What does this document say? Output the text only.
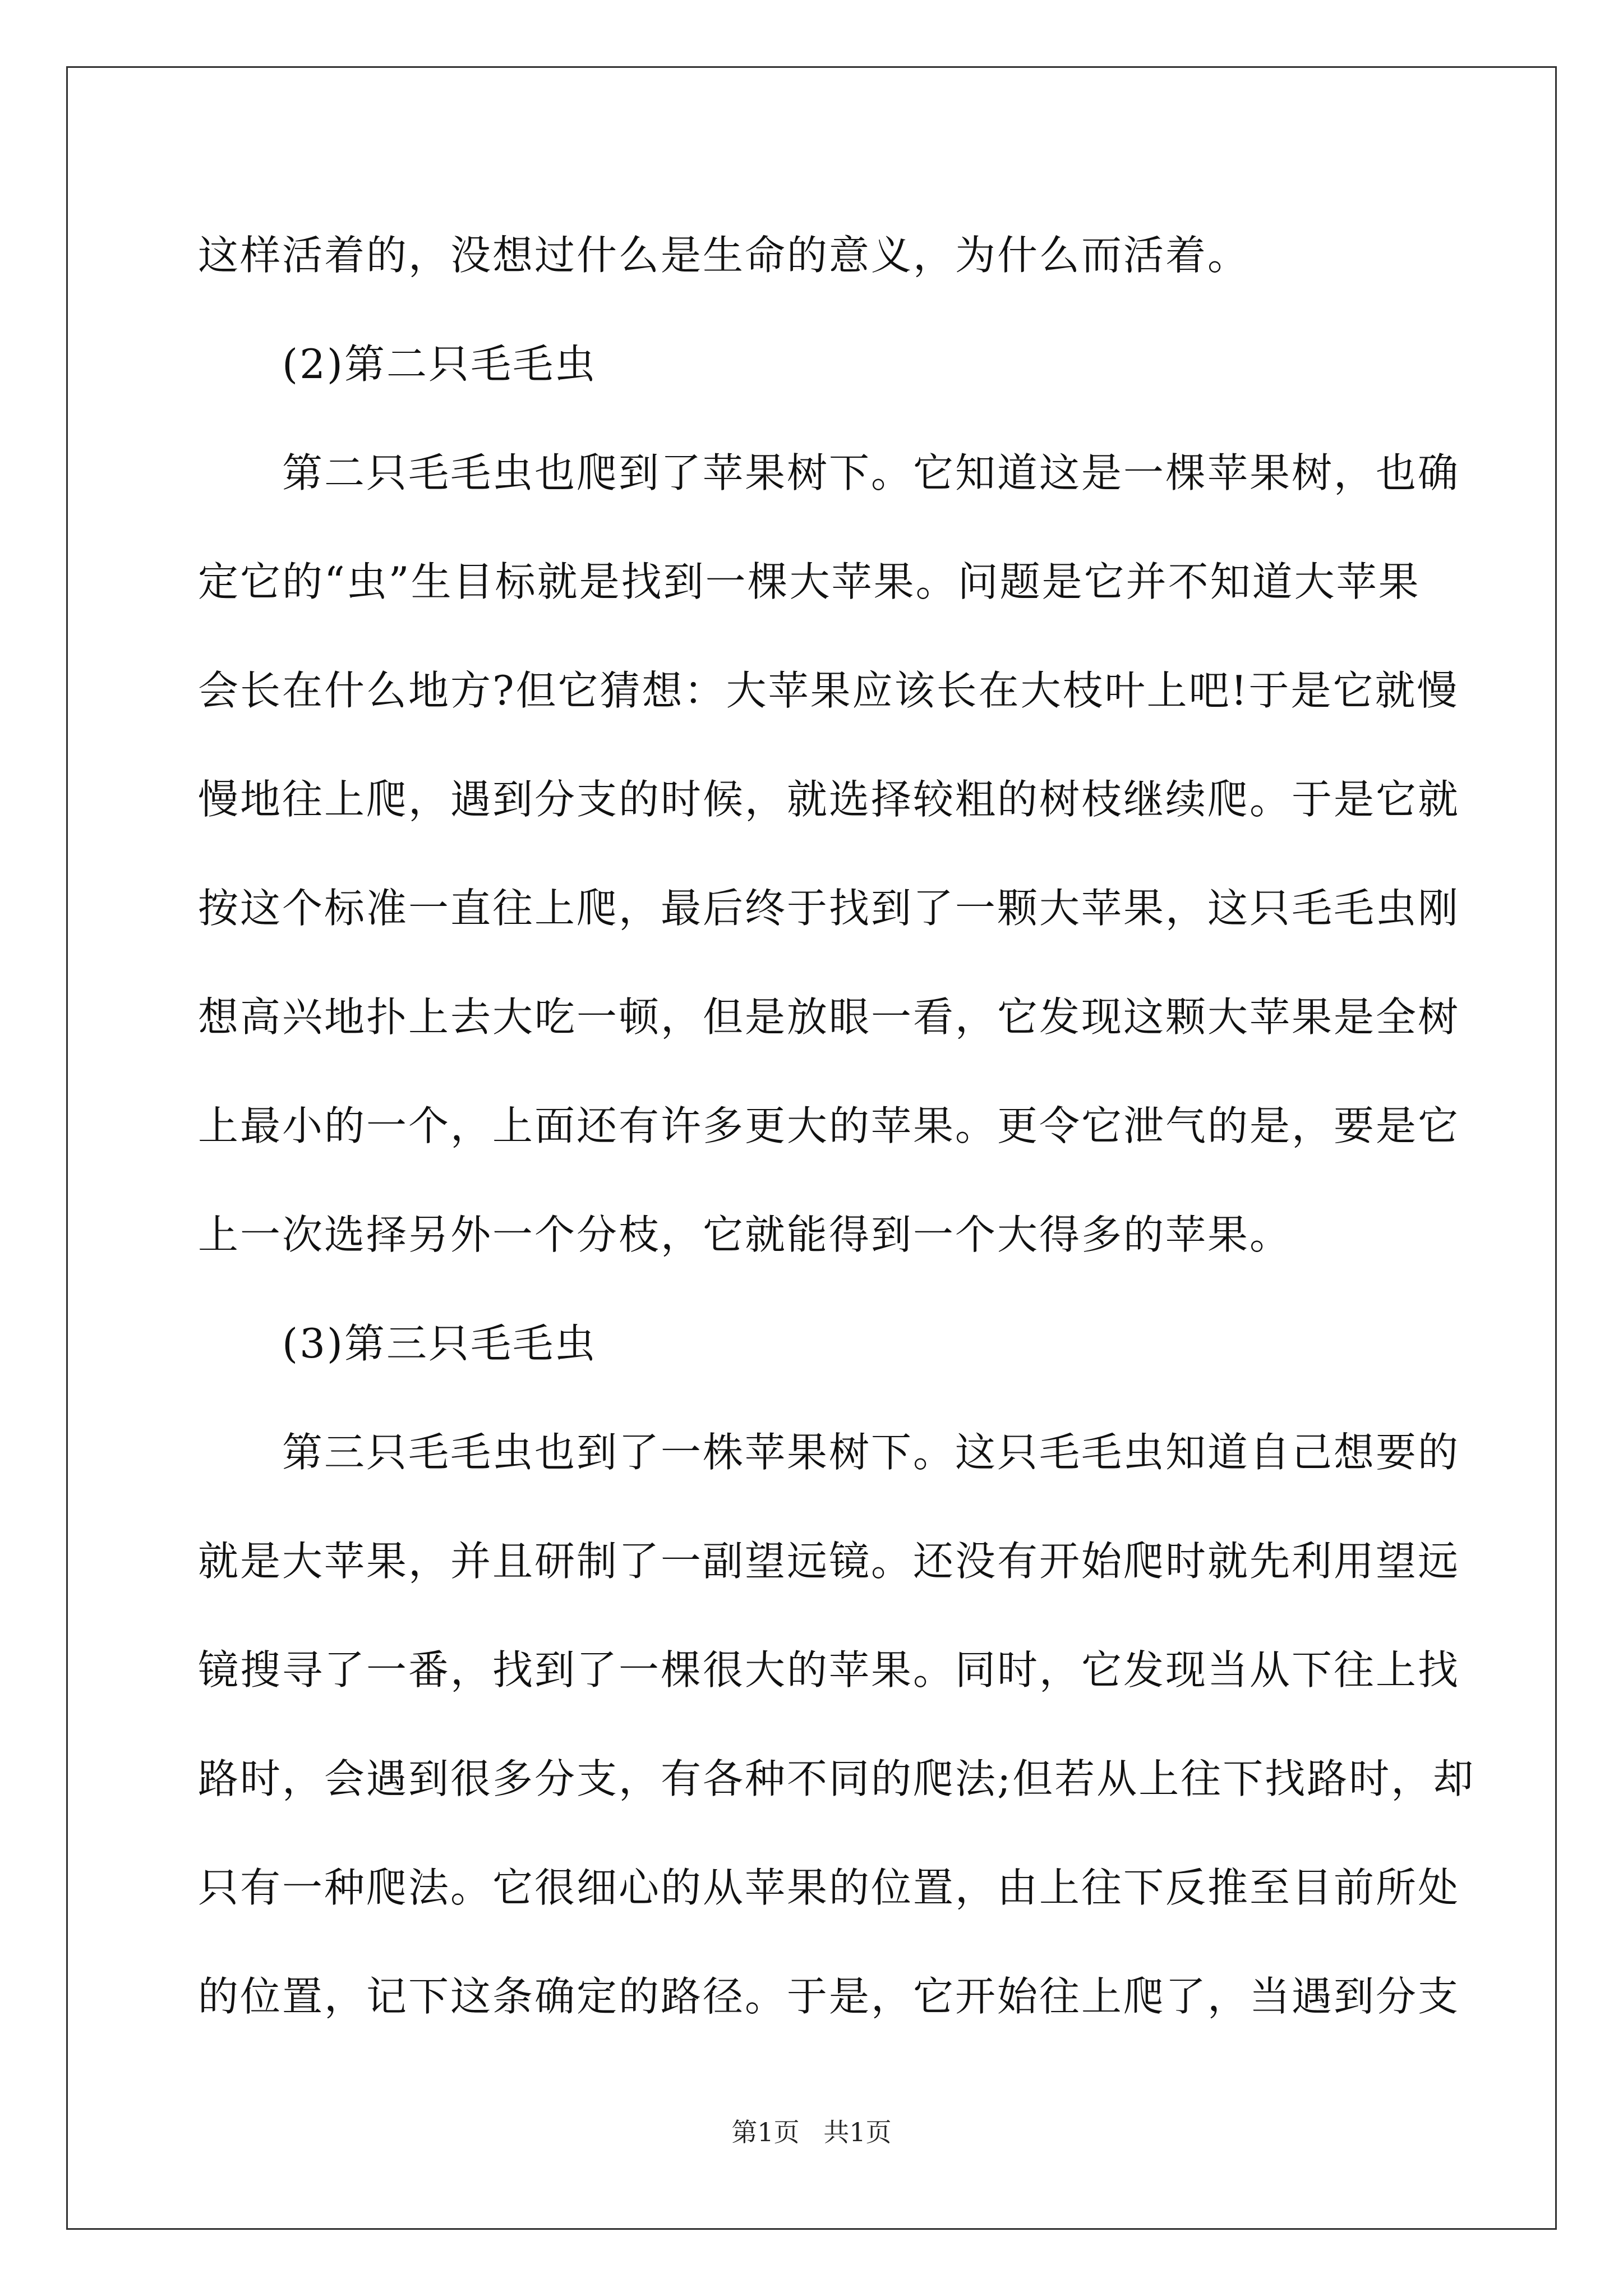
这样活着的，没想过什么是生命的意义，为什么而活着。
(2)第二只毛毛虫
第二只毛毛虫也爬到了苹果树下。它知道这是一棵苹果树，也确
定它的“虫”生目标就是找到一棵大苹果。问题是它并不知道大苹果
会长在什么地方?但它猜想：大苹果应该长在大枝叶上吧!于是它就慢
慢地往上爬，遇到分支的时候，就选择较粗的树枝继续爬。于是它就
按这个标准一直往上爬，最后终于找到了一颗大苹果，这只毛毛虫刚
想高兴地扑上去大吃一顿，但是放眼一看，它发现这颗大苹果是全树
上最小的一个，上面还有许多更大的苹果。更令它泄气的是，要是它
上一次选择另外一个分枝，它就能得到一个大得多的苹果。
(3)第三只毛毛虫
第三只毛毛虫也到了一株苹果树下。这只毛毛虫知道自己想要的
就是大苹果，并且研制了一副望远镜。还没有开始爬时就先利用望远
镜搜寻了一番，找到了一棵很大的苹果。同时，它发现当从下往上找
路时，会遇到很多分支，有各种不同的爬法;但若从上往下找路时，却
只有一种爬法。它很细心的从苹果的位置，由上往下反推至目前所处
的位置，记下这条确定的路径。于是，它开始往上爬了，当遇到分支
第1页 共1页
